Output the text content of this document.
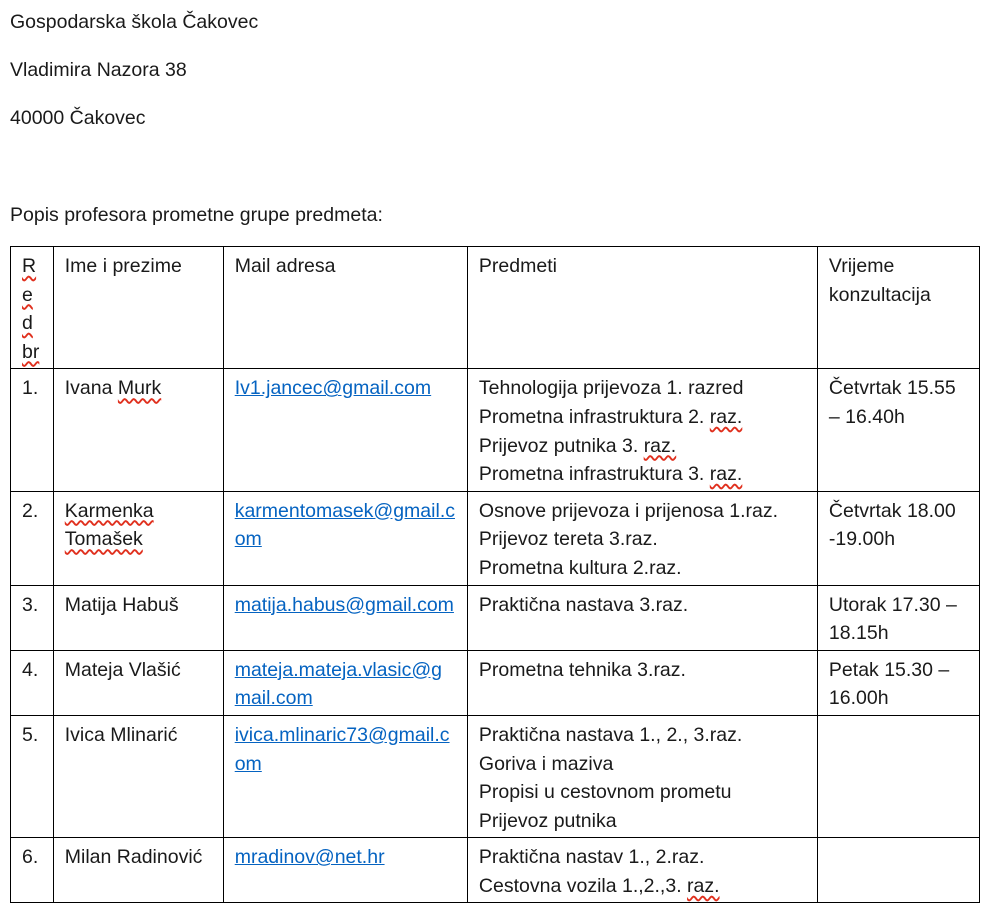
Gospodarska škola Čakovec

Vladimira Nazora 38

40000 Čakovec

Popis profesora prometne grupe predmeta:

Red br	Ime i prezime	Mail adresa	Predmeti	Vrijeme konzultacija
1.	Ivana Murk	Iv1.jancec@gmail.com	Tehnologija prijevoza 1. razred
Prometna infrastruktura 2. raz.
Prijevoz putnika 3. raz.
Prometna infrastruktura 3. raz.	Četvrtak 15.55 – 16.40h
2.	Karmenka Tomašek	karmentomasek@gmail.com	Osnove prijevoza i prijenosa 1.raz.
Prijevoz tereta 3.raz.
Prometna kultura 2.raz.	Četvrtak 18.00 -19.00h
3.	Matija Habuš	matija.habus@gmail.com	Praktična nastava 3.raz.	Utorak 17.30 – 18.15h
4.	Mateja Vlašić	mateja.mateja.vlasic@gmail.com	Prometna tehnika 3.raz.	Petak 15.30 – 16.00h
5.	Ivica Mlinarić	ivica.mlinaric73@gmail.com	Praktična nastava 1., 2., 3.raz.
Goriva i maziva
Propisi u cestovnom prometu
Prijevoz putnika	

6.	Milan Radinović	mradinov@net.hr	Praktična nastav 1., 2.raz.
Cestovna vozila 1.,2.,3. raz.	
